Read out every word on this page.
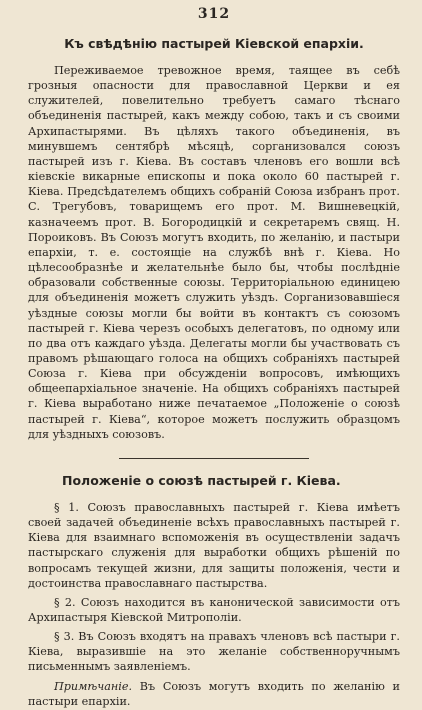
312
Къ свѣдѣнію пастырей Кіевской епархіи.

Переживаемое тревожное время, таящее въ себѣ грозныя опасности для православной Церкви и ея служителей, повелительно требуетъ самаго тѣснаго объединенія пастырей, какъ между собою, такъ и съ своими Архипастырями. Въ цѣляхъ такого объединенія, въ минувшемъ сентябрѣ мѣсяцѣ, сорганизовался союзъ пастырей изъ г. Кіева. Въ составъ членовъ его вошли всѣ кіевскіе викарные епископы и пока около 60 пастырей г. Кіева. Предсѣдателемъ общихъ собраній Союза избранъ прот. С. Трегубовъ, товарищемъ его прот. М. Вишневецкій, казначеемъ прот. В. Богородицкій и секретаремъ свящ. Н. Пороиковъ. Въ Союзъ могутъ входить, по желанію, и пастыри епархіи, т. е. состоящіе на службѣ внѣ г. Кіева. Но цѣлесообразнѣе и желательнѣе было бы, чтобы послѣдніе образовали собственные союзы. Территоріальною единицею для объединенія можетъ служить уѣздъ. Сорганизовавшіеся уѣздные союзы могли бы войти въ контактъ съ союзомъ пастырей г. Кіева черезъ особыхъ делегатовъ, по одному или по два отъ каждаго уѣзда. Делегаты могли бы участвовать съ правомъ рѣшающаго голоса на общихъ собраніяхъ пастырей Союза г. Кіева при обсужденіи вопросовъ, имѣющихъ общеепархіальное значеніе. На общихъ собраніяхъ пастырей г. Кіева выработано ниже печатаемое „Положеніе о союзѣ пастырей г. Кіева“, которое можетъ послужить образцомъ для уѣздныхъ союзовъ.

Положеніе о союзѣ пастырей г. Кіева.

§ 1. Союзъ православныхъ пастырей г. Кіева имѣетъ своей задачей объединеніе всѣхъ православныхъ пастырей г. Кіева для взаимнаго вспоможенія въ осуществленіи задачъ пастырскаго служенія для выработки общихъ рѣшеній по вопросамъ текущей жизни, для защиты положенія, чести и достоинства православнаго пастырства.

§ 2. Союзъ находится въ канонической зависимости отъ Архипастыря Кіевской Митрополіи.

§ 3. Въ Союзъ входятъ на правахъ членовъ всѣ пастыри г. Кіева, выразившіе на это желаніе собственноручнымъ письменнымъ заявленіемъ.

Примѣчаніе. Въ Союзъ могутъ входить по желанію и пастыри епархіи.
